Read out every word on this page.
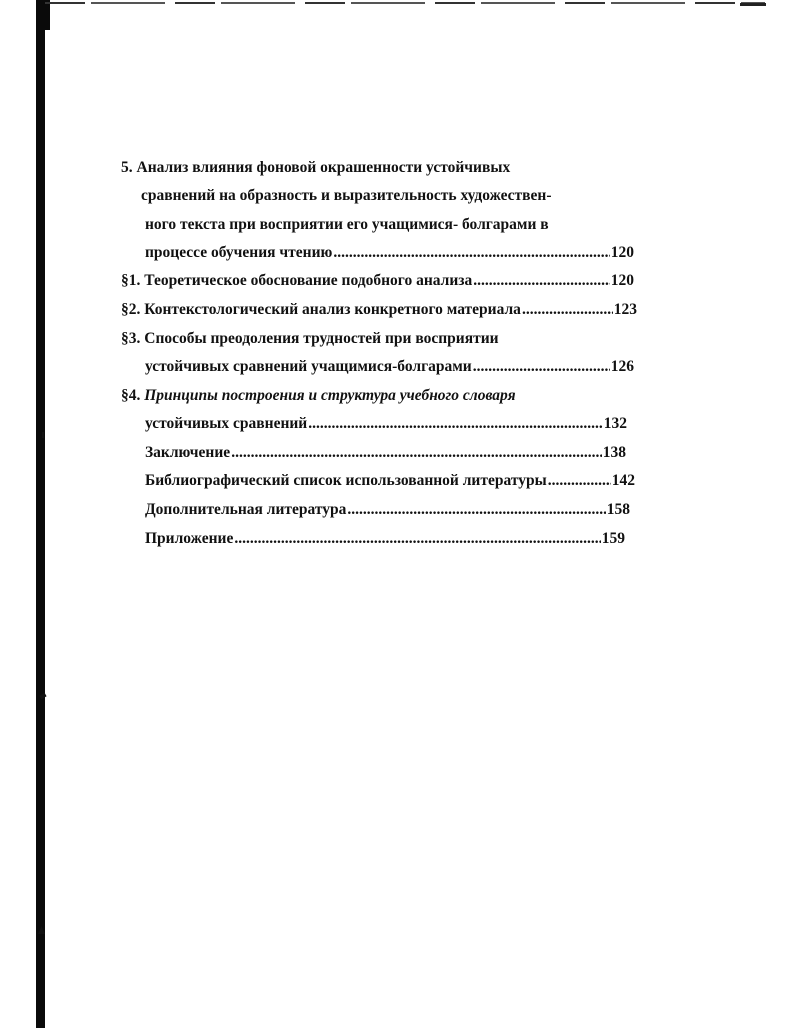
5. Анализ влияния фоновой окрашенности устойчивых
сравнений на образность и выразительность художествен-
ного текста при восприятии его учащимися- болгарами в
процессе обучения чтению .....	120
§1. Теоретическое обоснование подобного анализа .....	120
§2. Контекстологический анализ конкретного материала .....	123
§3. Способы преодоления трудностей при восприятии
устойчивых сравнений учащимися-болгарами .....	126
§4. Принципы построения и структура учебного словаря
устойчивых сравнений .....	132
Заключение .....	138
Библиографический список использованной литературы .....	142
Дополнительная литература .....	158
Приложение .....	159
